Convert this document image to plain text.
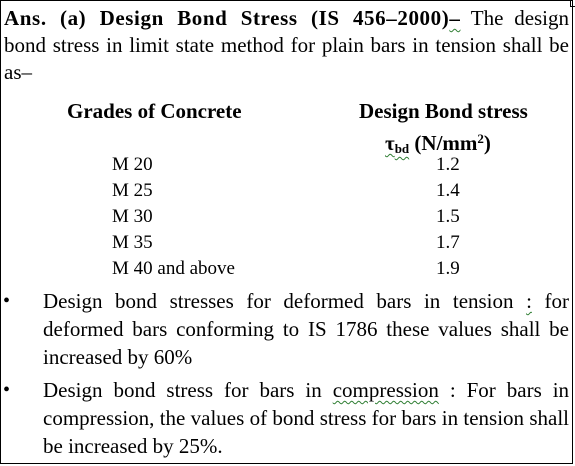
Ans. (a) Design Bond Stress (IS 456–2000)– The design bond stress in limit state method for plain bars in tension shall be as–
Grades of Concrete	Design Bond stress
$\tau_{bd}$ $(N/mm^2)$
M 20	1.2
M 25	1.4
M 30	1.5
M 35	1.7
M 40 and above	1.9
• Design bond stresses for deformed bars in tension : for deformed bars conforming to IS 1786 these values shall be increased by 60%
• Design bond stress for bars in compression : For bars in compression, the values of bond stress for bars in tension shall be increased by 25%.
